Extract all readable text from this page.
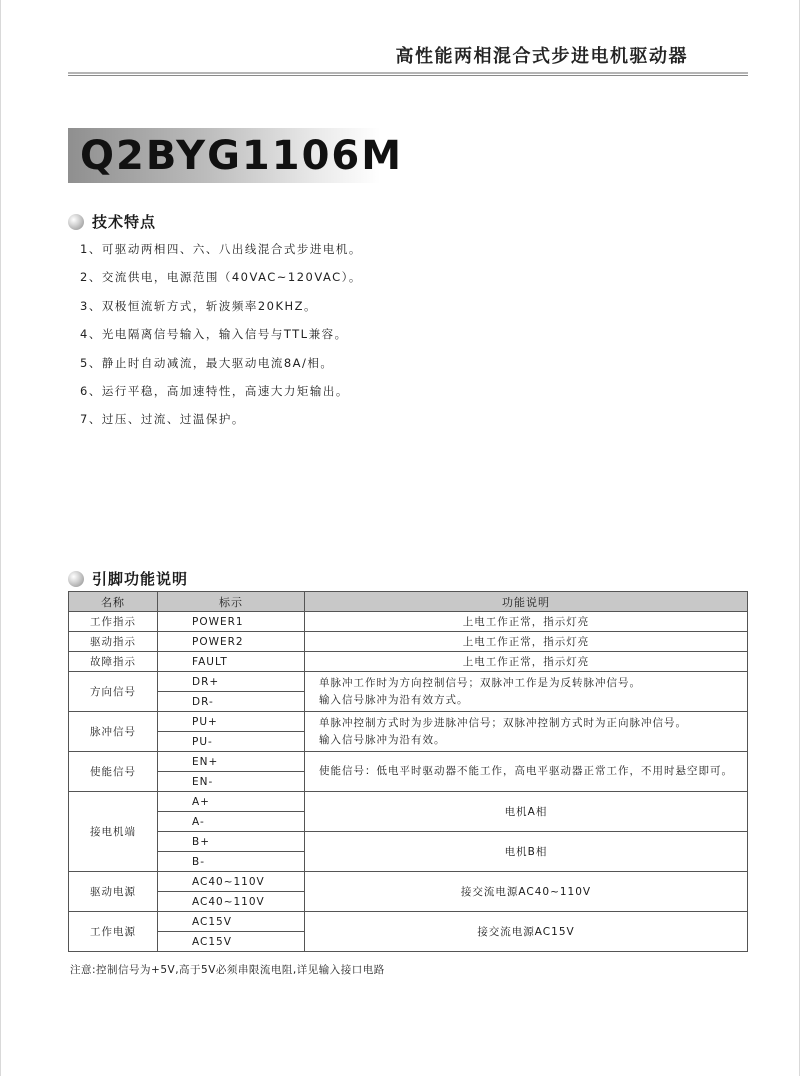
高性能两相混合式步进电机驱动器
Q2BYG1106M
技术特点
1、可驱动两相四、六、八出线混合式步进电机。
2、交流供电，电源范围（40VAC~120VAC）。
3、双极恒流斩方式，斩波频率20KHZ。
4、光电隔离信号输入，输入信号与TTL兼容。
5、静止时自动减流，最大驱动电流8A/相。
6、运行平稳，高加速特性，高速大力矩输出。
7、过压、过流、过温保护。
引脚功能说明
名称	标示	功能说明
工作指示	POWER1	上电工作正常，指示灯亮
驱动指示	POWER2	上电工作正常，指示灯亮
故障指示	FAULT	上电工作正常，指示灯亮
方向信号	DR+	单脉冲工作时为方向控制信号；双脉冲工作是为反转脉冲信号。
输入信号脉冲为沿有效方式。

	DR-	
脉冲信号	PU+	单脉冲控制方式时为步进脉冲信号；双脉冲控制方式时为正向脉冲信号。
输入信号脉冲为沿有效。

	PU-	
使能信号	EN+	使能信号：低电平时驱动器不能工作，高电平驱动器正常工作，不用时悬空即可。
	EN-	
接电机端	A+	电机A相
	A-	
	B+	电机B相
	B-	
驱动电源	AC40~110V	接交流电源AC40~110V
	AC40~110V	
工作电源	AC15V	接交流电源AC15V
	AC15V	
注意:控制信号为+5V,高于5V必须串限流电阻,详见输入接口电路
